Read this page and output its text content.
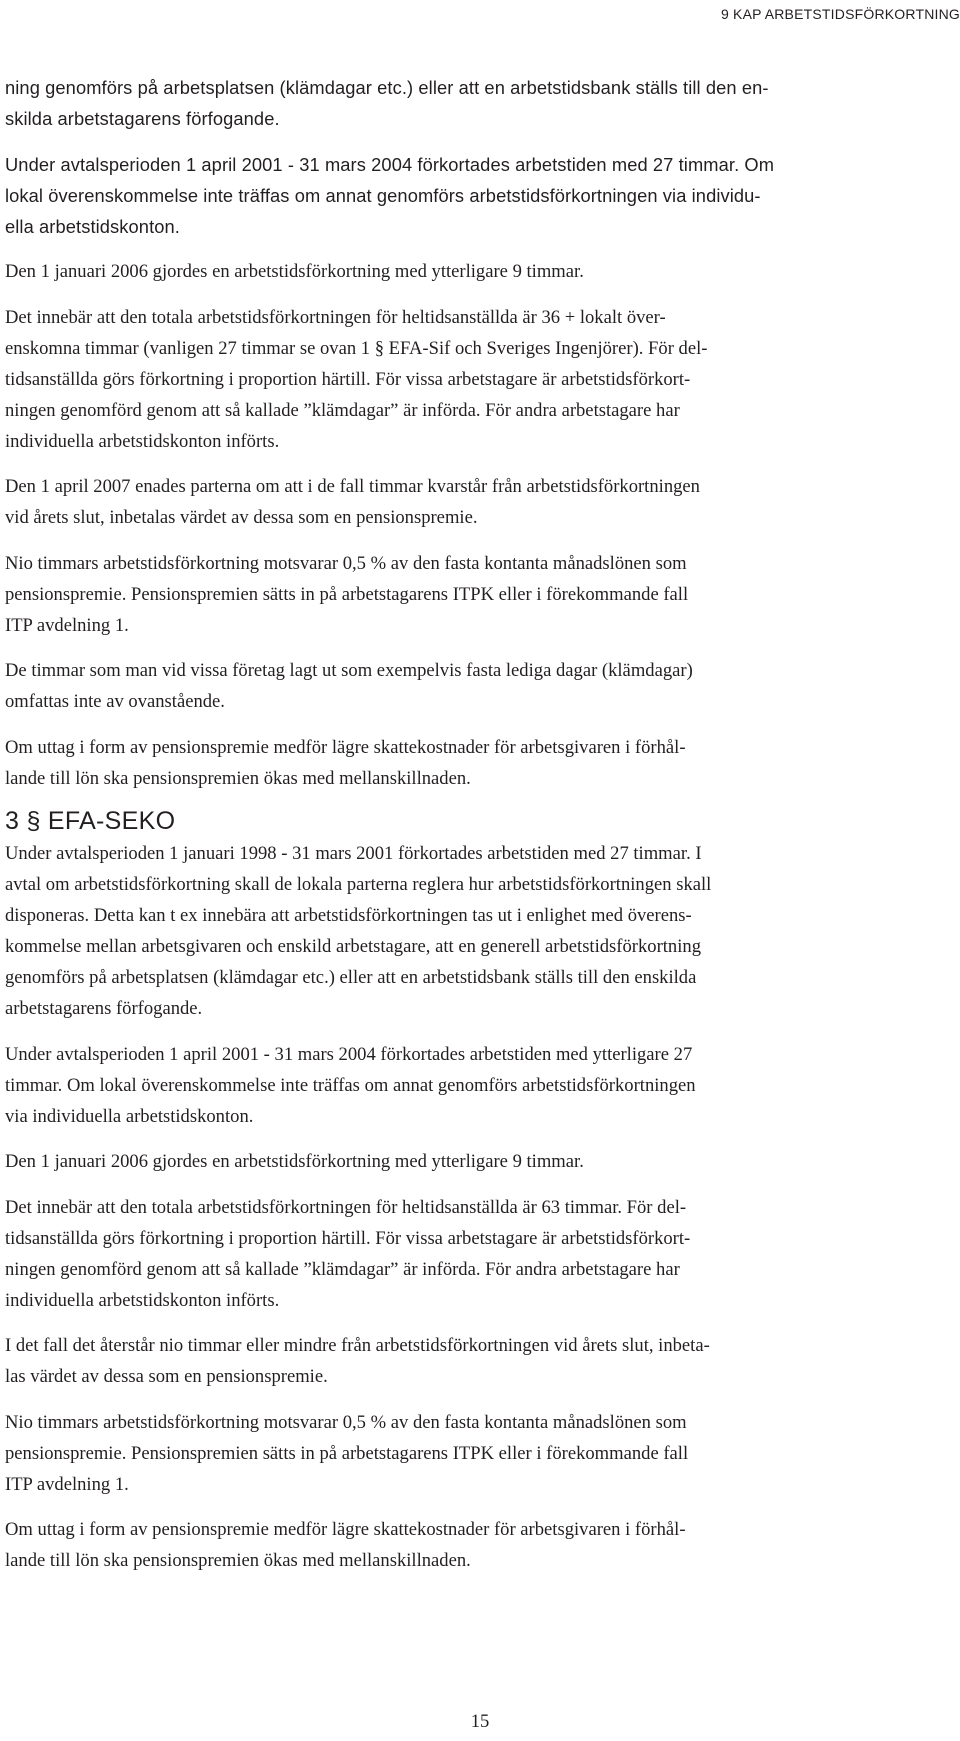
9 KAP ARBETSTIDSFÖRKORTNING
ning genomförs på arbetsplatsen (klämdagar etc.) eller att en arbetstidsbank ställs till den en-
skilda arbetstagarens förfogande.
Under avtalsperioden 1 april 2001 - 31 mars 2004 förkortades arbetstiden med 27 timmar. Om
lokal överenskommelse inte träffas om annat genomförs arbetstidsförkortningen via individu-
ella arbetstidskonton.
Den 1 januari 2006 gjordes en arbetstidsförkortning med ytterligare 9 timmar.
Det innebär att den totala arbetstidsförkortningen för heltidsanställda är 36 + lokalt över-
enskomna timmar (vanligen 27 timmar se ovan 1 § EFA-Sif och Sveriges Ingenjörer). För del-
tidsanställda görs förkortning i proportion härtill. För vissa arbetstagare är arbetstidsförkort-
ningen genomförd genom att så kallade ”klämdagar” är införda. För andra arbetstagare har
individuella arbetstidskonton införts.
Den 1 april 2007 enades parterna om att i de fall timmar kvarstår från arbetstidsförkortningen
vid årets slut, inbetalas värdet av dessa som en pensionspremie.
Nio timmars arbetstidsförkortning motsvarar 0,5 % av den fasta kontanta månadslönen som
pensionspremie. Pensionspremien sätts in på arbetstagarens ITPK eller i förekommande fall
ITP avdelning 1.
De timmar som man vid vissa företag lagt ut som exempelvis fasta lediga dagar (klämdagar)
omfattas inte av ovanstående.
Om uttag i form av pensionspremie medför lägre skattekostnader för arbetsgivaren i förhål-
lande till lön ska pensionspremien ökas med mellanskillnaden.
3 § EFA-SEKO
Under avtalsperioden 1 januari 1998 - 31 mars 2001 förkortades arbetstiden med 27 timmar. I
avtal om arbetstidsförkortning skall de lokala parterna reglera hur arbetstidsförkortningen skall
disponeras. Detta kan t ex innebära att arbetstidsförkortningen tas ut i enlighet med överens-
kommelse mellan arbetsgivaren och enskild arbetstagare, att en generell arbetstidsförkortning
genomförs på arbetsplatsen (klämdagar etc.) eller att en arbetstidsbank ställs till den enskilda
arbetstagarens förfogande.
Under avtalsperioden 1 april 2001 - 31 mars 2004 förkortades arbetstiden med ytterligare 27
timmar. Om lokal överenskommelse inte träffas om annat genomförs arbetstidsförkortningen
via individuella arbetstidskonton.
Den 1 januari 2006 gjordes en arbetstidsförkortning med ytterligare 9 timmar.
Det innebär att den totala arbetstidsförkortningen för heltidsanställda är 63 timmar. För del-
tidsanställda görs förkortning i proportion härtill. För vissa arbetstagare är arbetstidsförkort-
ningen genomförd genom att så kallade ”klämdagar” är införda. För andra arbetstagare har
individuella arbetstidskonton införts.
I det fall det återstår nio timmar eller mindre från arbetstidsförkortningen vid årets slut, inbeta-
las värdet av dessa som en pensionspremie.
Nio timmars arbetstidsförkortning motsvarar 0,5 % av den fasta kontanta månadslönen som
pensionspremie. Pensionspremien sätts in på arbetstagarens ITPK eller i förekommande fall
ITP avdelning 1.
Om uttag i form av pensionspremie medför lägre skattekostnader för arbetsgivaren i förhål-
lande till lön ska pensionspremien ökas med mellanskillnaden.
15
